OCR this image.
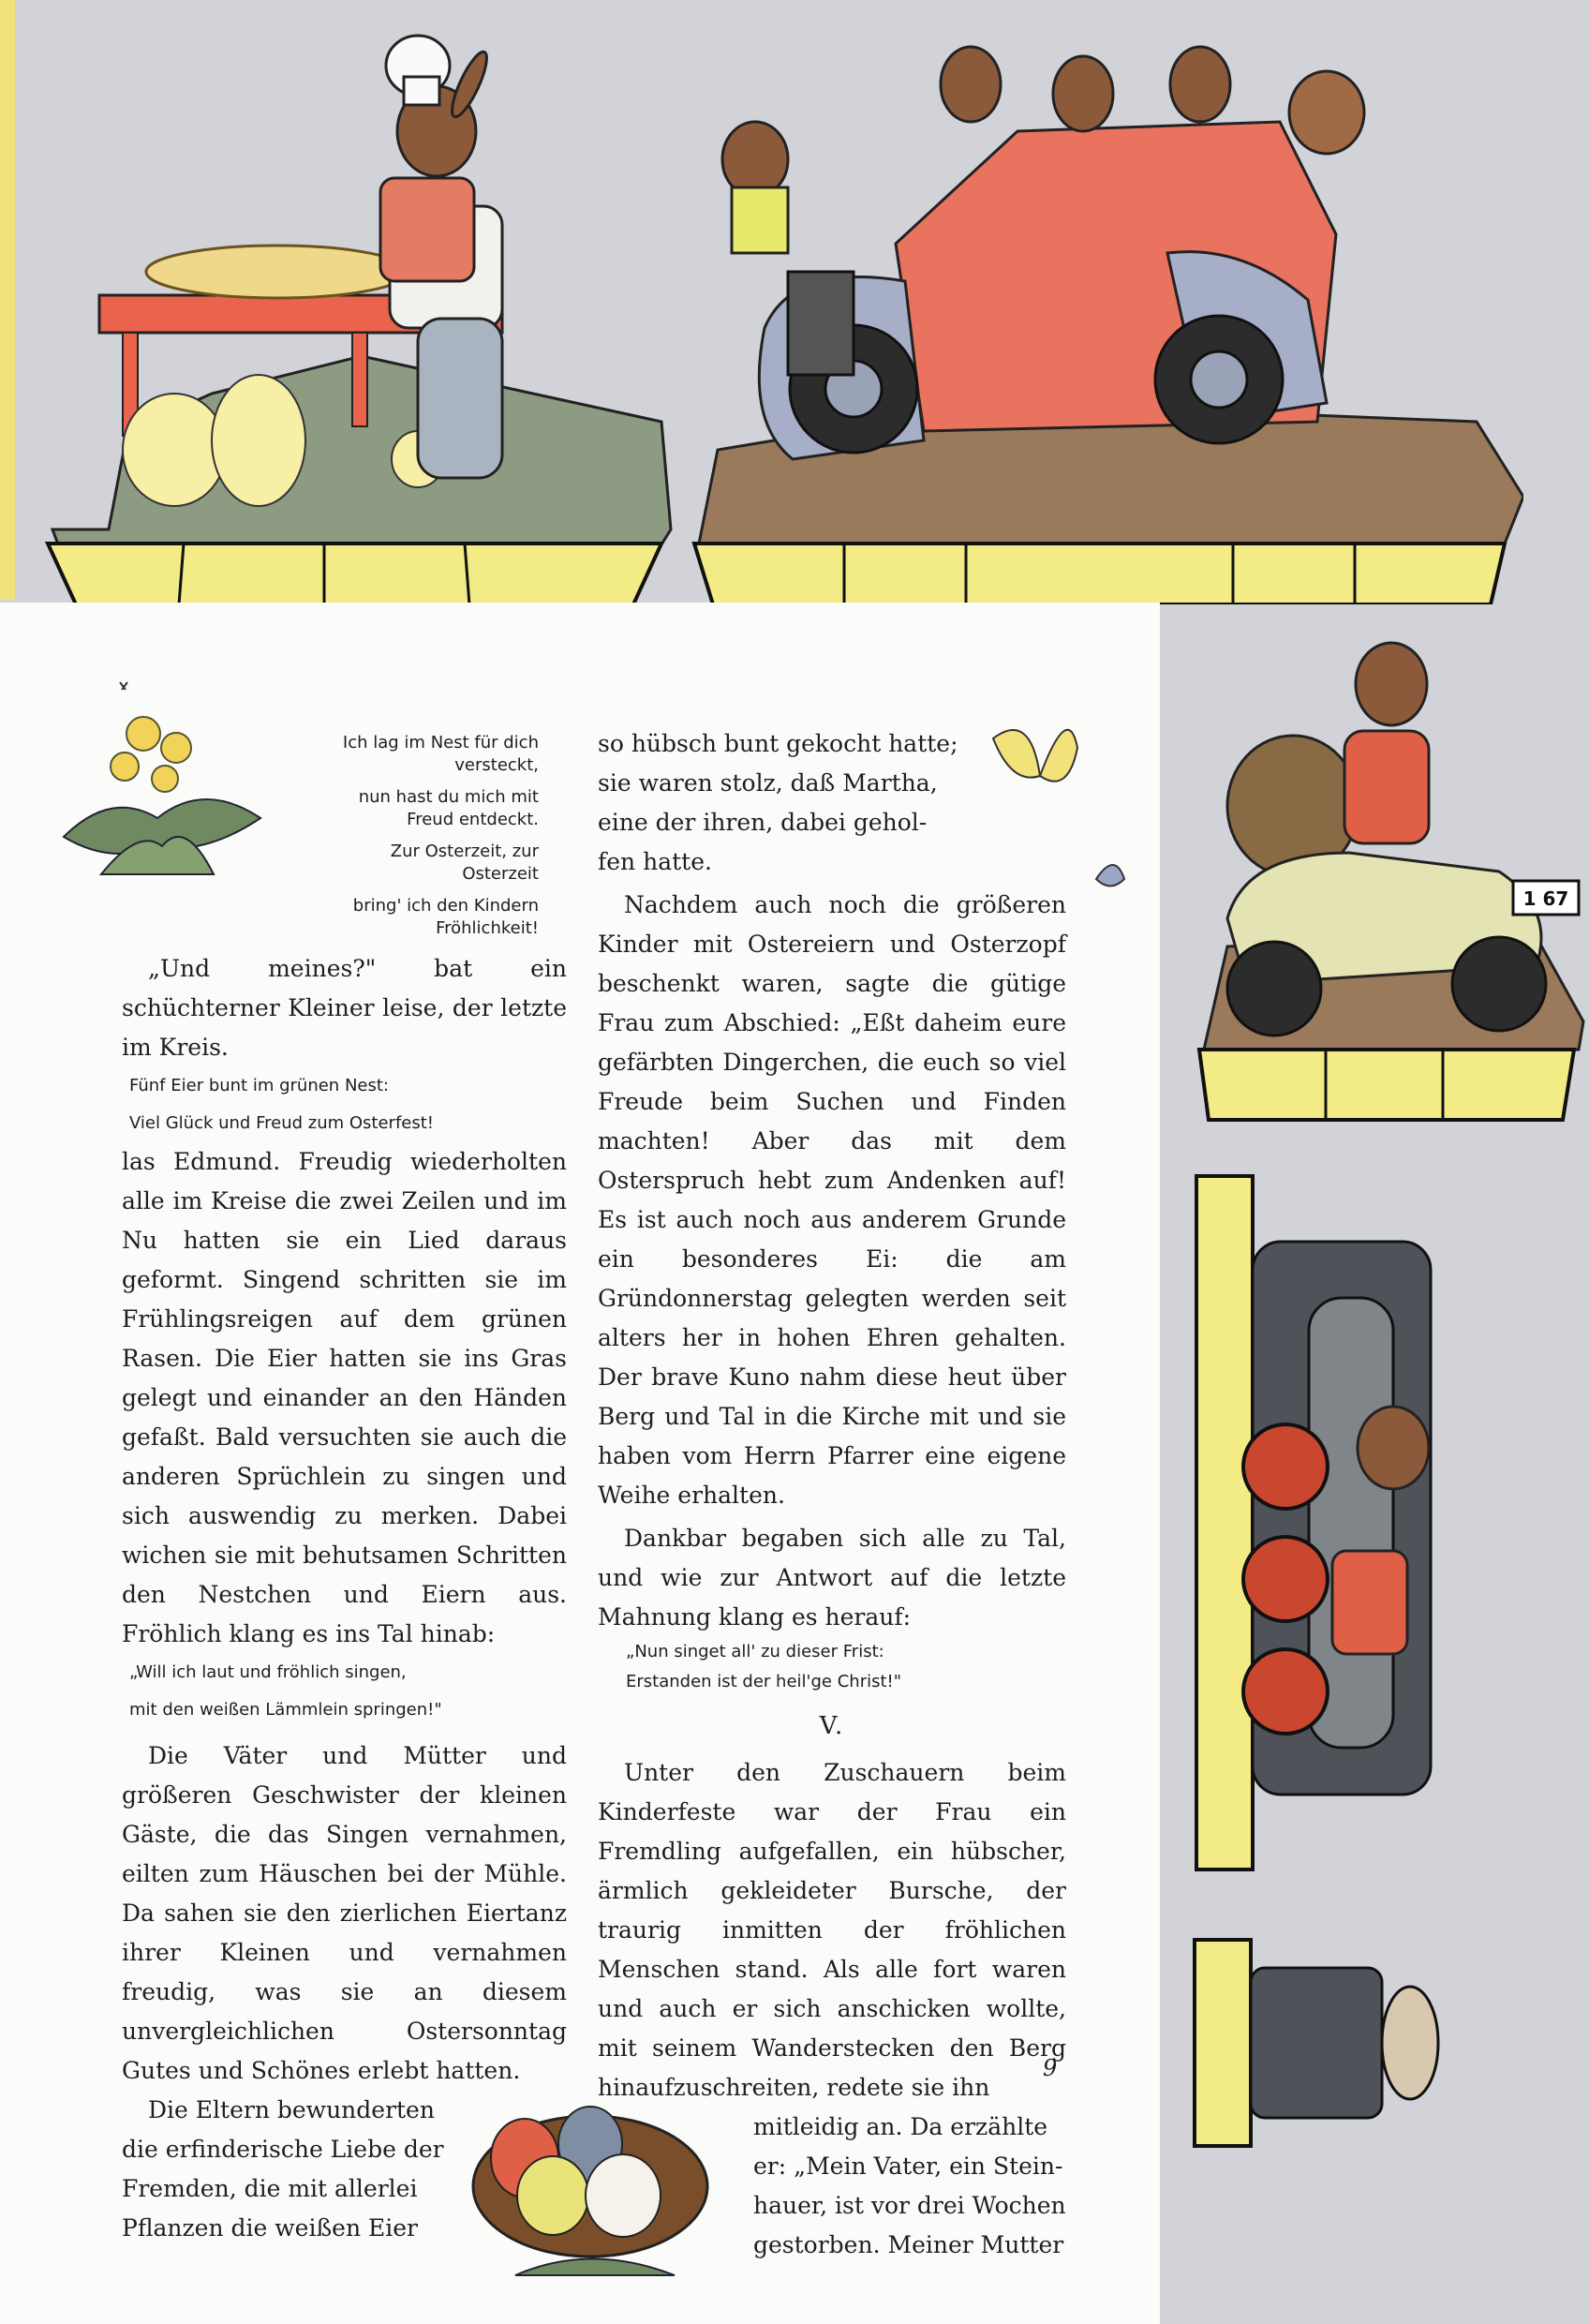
1 67
Ich lag im Nest für dich versteckt,
nun hast du mich mit Freud entdeckt.
Zur Osterzeit, zur Osterzeit
bring' ich den Kindern Fröhlichkeit!

„Und meines?" bat ein schüchterner Kleiner leise, der letzte im Kreis.

Fünf Eier bunt im grünen Nest:
Viel Glück und Freud zum Osterfest!

las Edmund. Freudig wiederholten alle im Kreise die zwei Zeilen und im Nu hatten sie ein Lied daraus geformt. Singend schritten sie im Frühlingsreigen auf dem grünen Rasen. Die Eier hatten sie ins Gras gelegt und einander an den Händen gefaßt. Bald versuchten sie auch die anderen Sprüchlein zu singen und sich auswendig zu merken. Dabei wichen sie mit behutsamen Schritten den Nestchen und Eiern aus. Fröhlich klang es ins Tal hinab:

„Will ich laut und fröhlich singen,
mit den weißen Lämmlein springen!"

Die Väter und Mütter und größeren Geschwister der kleinen Gäste, die das Singen vernahmen, eilten zum Häuschen bei der Mühle. Da sahen sie den zierlichen Eiertanz ihrer Kleinen und vernahmen freudig, was sie an diesem unvergleichlichen Ostersonntag Gutes und Schönes erlebt hatten.

Die Eltern bewunderten
die erfinderische Liebe der
Fremden, die mit allerlei
Pflanzen die weißen Eier
so hübsch bunt gekocht hatte;
sie waren stolz, daß Martha,
eine der ihren, dabei gehol-
fen hatte.

Nachdem auch noch die größeren Kinder mit Ostereiern und Osterzopf beschenkt waren, sagte die gütige Frau zum Abschied: „Eßt daheim eure gefärbten Dingerchen, die euch so viel Freude beim Suchen und Finden machten! Aber das mit dem Osterspruch hebt zum Andenken auf! Es ist auch noch aus anderem Grunde ein besonderes Ei: die am Gründonnerstag gelegten werden seit alters her in hohen Ehren gehalten. Der brave Kuno nahm diese heut über Berg und Tal in die Kirche mit und sie haben vom Herrn Pfarrer eine eigene Weihe erhalten.

Dankbar begaben sich alle zu Tal, und wie zur Antwort auf die letzte Mahnung klang es herauf:

„Nun singet all' zu dieser Frist:
Erstanden ist der heil'ge Christ!"
V.

Unter den Zuschauern beim Kinderfeste war der Frau ein Fremdling aufgefallen, ein hübscher, ärmlich gekleideter Bursche, der traurig inmitten der fröhlichen Menschen stand. Als alle fort waren und auch er sich anschicken wollte, mit seinem Wanderstecken den Berg hinaufzuschreiten, redete sie ihn

mitleidig an. Da erzählte
er: „Mein Vater, ein Stein-
hauer, ist vor drei Wochen
gestorben. Meiner Mutter
9
